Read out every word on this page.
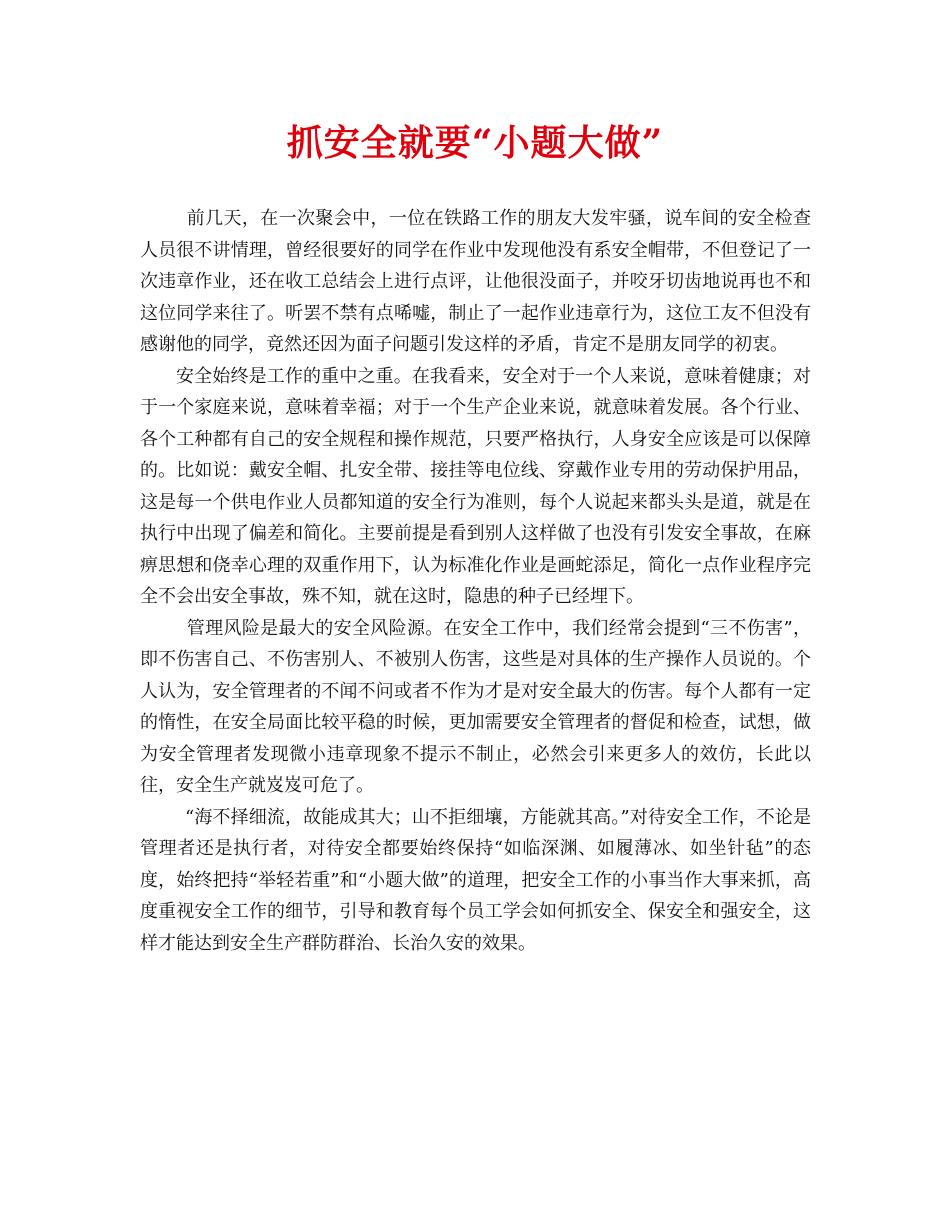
抓安全就要“小题大做”

前几天，在一次聚会中，一位在铁路工作的朋友大发牢骚，说车间的安全检查人员很不讲情理，曾经很要好的同学在作业中发现他没有系安全帽带，不但登记了一次违章作业，还在收工总结会上进行点评，让他很没面子，并咬牙切齿地说再也不和这位同学来往了。听罢不禁有点唏嘘，制止了一起作业违章行为，这位工友不但没有感谢他的同学，竟然还因为面子问题引发这样的矛盾，肯定不是朋友同学的初衷。

安全始终是工作的重中之重。在我看来，安全对于一个人来说，意味着健康；对于一个家庭来说，意味着幸福；对于一个生产企业来说，就意味着发展。各个行业、各个工种都有自己的安全规程和操作规范，只要严格执行，人身安全应该是可以保障的。比如说：戴安全帽、扎安全带、接挂等电位线、穿戴作业专用的劳动保护用品，这是每一个供电作业人员都知道的安全行为准则，每个人说起来都头头是道，就是在执行中出现了偏差和简化。主要前提是看到别人这样做了也没有引发安全事故，在麻痹思想和侥幸心理的双重作用下，认为标准化作业是画蛇添足，简化一点作业程序完全不会出安全事故，殊不知，就在这时，隐患的种子已经埋下。

管理风险是最大的安全风险源。在安全工作中，我们经常会提到“三不伤害”，即不伤害自己、不伤害别人、不被别人伤害，这些是对具体的生产操作人员说的。个人认为，安全管理者的不闻不问或者不作为才是对安全最大的伤害。每个人都有一定的惰性，在安全局面比较平稳的时候，更加需要安全管理者的督促和检查，试想，做为安全管理者发现微小违章现象不提示不制止，必然会引来更多人的效仿，长此以往，安全生产就岌岌可危了。

“海不择细流，故能成其大；山不拒细壤，方能就其高。”对待安全工作，不论是管理者还是执行者，对待安全都要始终保持“如临深渊、如履薄冰、如坐针毡”的态度，始终把持“举轻若重”和“小题大做”的道理，把安全工作的小事当作大事来抓，高度重视安全工作的细节，引导和教育每个员工学会如何抓安全、保安全和强安全，这样才能达到安全生产群防群治、长治久安的效果。
